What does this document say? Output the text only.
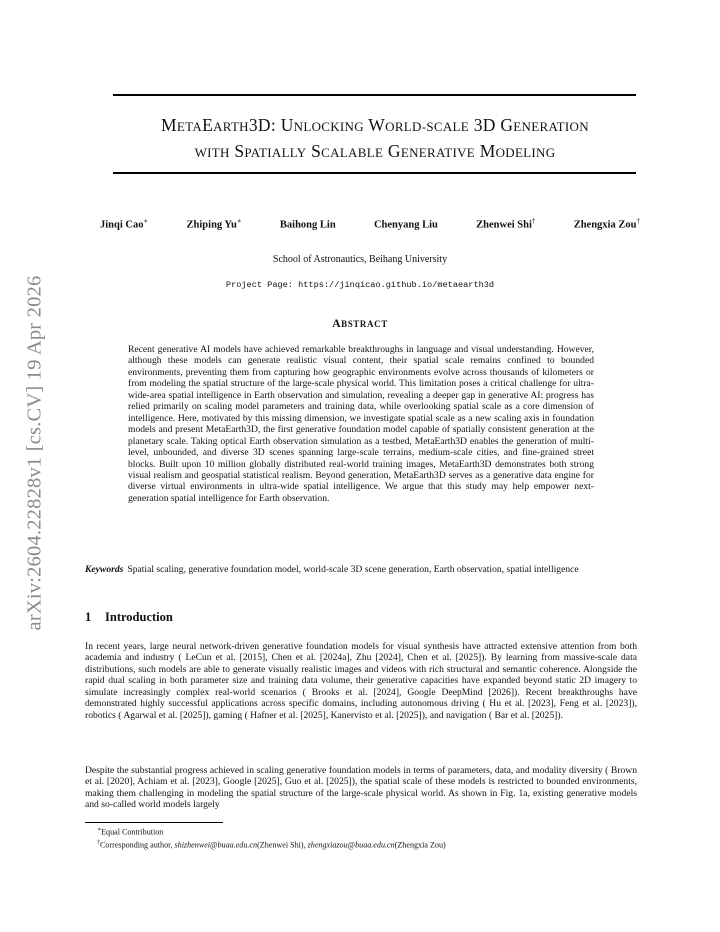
arXiv:2604.22828v1 [cs.CV] 19 Apr 2026
METAEARTH3D: UNLOCKING WORLD-SCALE 3D GENERATION
WITH SPATIALLY SCALABLE GENERATIVE MODELING
Jinqi Cao∗	Zhiping Yu∗	Baihong Lin	Chenyang Liu	Zhenwei Shi†	Zhengxia Zou†
School of Astronautics, Beihang University
Project Page: https://jinqicao.github.io/metaearth3d
ABSTRACT
Recent generative AI models have achieved remarkable breakthroughs in language and visual understanding. However, although these models can generate realistic visual content, their spatial scale remains confined to bounded environments, preventing them from capturing how geographic environments evolve across thousands of kilometers or from modeling the spatial structure of the large-scale physical world. This limitation poses a critical challenge for ultra-wide-area spatial intelligence in Earth observation and simulation, revealing a deeper gap in generative AI: progress has relied primarily on scaling model parameters and training data, while overlooking spatial scale as a core dimension of intelligence. Here, motivated by this missing dimension, we investigate spatial scale as a new scaling axis in foundation models and present MetaEarth3D, the first generative foundation model capable of spatially consistent generation at the planetary scale. Taking optical Earth observation simulation as a testbed, MetaEarth3D enables the generation of multi-level, unbounded, and diverse 3D scenes spanning large-scale terrains, medium-scale cities, and fine-grained street blocks. Built upon 10 million globally distributed real-world training images, MetaEarth3D demonstrates both strong visual realism and geospatial statistical realism. Beyond generation, MetaEarth3D serves as a generative data engine for diverse virtual environments in ultra-wide spatial intelligence. We argue that this study may help empower next-generation spatial intelligence for Earth observation.
Keywords Spatial scaling, generative foundation model, world-scale 3D scene generation, Earth observation, spatial intelligence
1 Introduction
In recent years, large neural network-driven generative foundation models for visual synthesis have attracted extensive attention from both academia and industry ( LeCun et al. [2015], Chen et al. [2024a], Zhu [2024], Chen et al. [2025]). By learning from massive-scale data distributions, such models are able to generate visually realistic images and videos with rich structural and semantic coherence. Alongside the rapid dual scaling in both parameter size and training data volume, their generative capacities have expanded beyond static 2D imagery to simulate increasingly complex real-world scenarios ( Brooks et al. [2024], Google DeepMind [2026]). Recent breakthroughs have demonstrated highly successful applications across specific domains, including autonomous driving ( Hu et al. [2023], Feng et al. [2023]), robotics ( Agarwal et al. [2025]), gaming ( Hafner et al. [2025], Kanervisto et al. [2025]), and navigation ( Bar et al. [2025]).
Despite the substantial progress achieved in scaling generative foundation models in terms of parameters, data, and modality diversity ( Brown et al. [2020], Achiam et al. [2023], Google [2025], Guo et al. [2025]), the spatial scale of these models is restricted to bounded environments, making them challenging in modeling the spatial structure of the large-scale physical world. As shown in Fig. 1a, existing generative models and so-called world models largely

∗Equal Contribution

†Corresponding author, shizhenwei@buaa.edu.cn(Zhenwei Shi), zhengxiazou@buaa.edu.cn(Zhengxia Zou)
